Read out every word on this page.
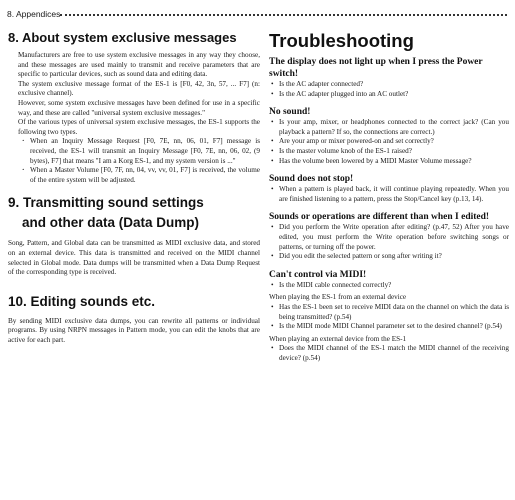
8. Appendices
8. About system exclusive messages
Manufacturers are free to use system exclusive messages in any way they choose, and these messages are used mainly to transmit and receive parameters that are specific to particular devices, such as sound data and editing data.
The system exclusive message format of the ES-1 is [F0, 42, 3n, 57, ... F7] (n: exclusive channel).
However, some system exclusive messages have been defined for use in a specific way, and these are called "universal system exclusive messages."
Of the various types of universal system exclusive messages, the ES-1 supports the following two types.
· When an Inquiry Message Request [F0, 7E, nn, 06, 01, F7] message is received, the ES-1 will transmit an Inquiry Message [F0, 7E, nn, 06, 02, (9 bytes), F7] that means "I am a Korg ES-1, and my system version is ..."
· When a Master Volume [F0, 7F, nn, 04, vv, vv, 01, F7] is received, the volume of the entire system will be adjusted.
9. Transmitting sound settings
and other data (Data Dump)
Song, Pattern, and Global data can be transmitted as MIDI exclusive data, and stored on an external device. This data is transmitted and received on the MIDI channel selected in Global mode. Data dumps will be transmitted when a Data Dump Request of the corresponding type is received.
10. Editing sounds etc.
By sending MIDI exclusive data dumps, you can rewrite all patterns or individual programs. By using NRPN messages in Pattern mode, you can edit the knobs that are active for each part.
Troubleshooting
The display does not light up when I press the Power switch!
• Is the AC adapter connected?
• Is the AC adapter plugged into an AC outlet?
No sound!
• Is your amp, mixer, or headphones connected to the correct jack? (Can you playback a pattern? If so, the connections are correct.)
• Are your amp or mixer powered-on and set correctly?
• Is the master volume knob of the ES-1 raised?
• Has the volume been lowered by a MIDI Master Volume message?
Sound does not stop!
• When a pattern is played back, it will continue playing repeatedly. When you are finished listening to a pattern, press the Stop/Cancel key (p.13, 14).
Sounds or operations are different than when I edited!
• Did you perform the Write operation after editing? (p.47, 52) After you have edited, you must perform the Write operation before switching songs or patterns, or turning off the power.
• Did you edit the selected pattern or song after writing it?
Can't control via MIDI!
• Is the MIDI cable connected correctly?
When playing the ES-1 from an external device
• Has the ES-1 been set to receive MIDI data on the channel on which the data is being transmitted? (p.54)
• Is the MIDI mode MIDI Channel parameter set to the desired channel? (p.54)
When playing an external device from the ES-1
• Does the MIDI channel of the ES-1 match the MIDI channel of the receiving device? (p.54)
